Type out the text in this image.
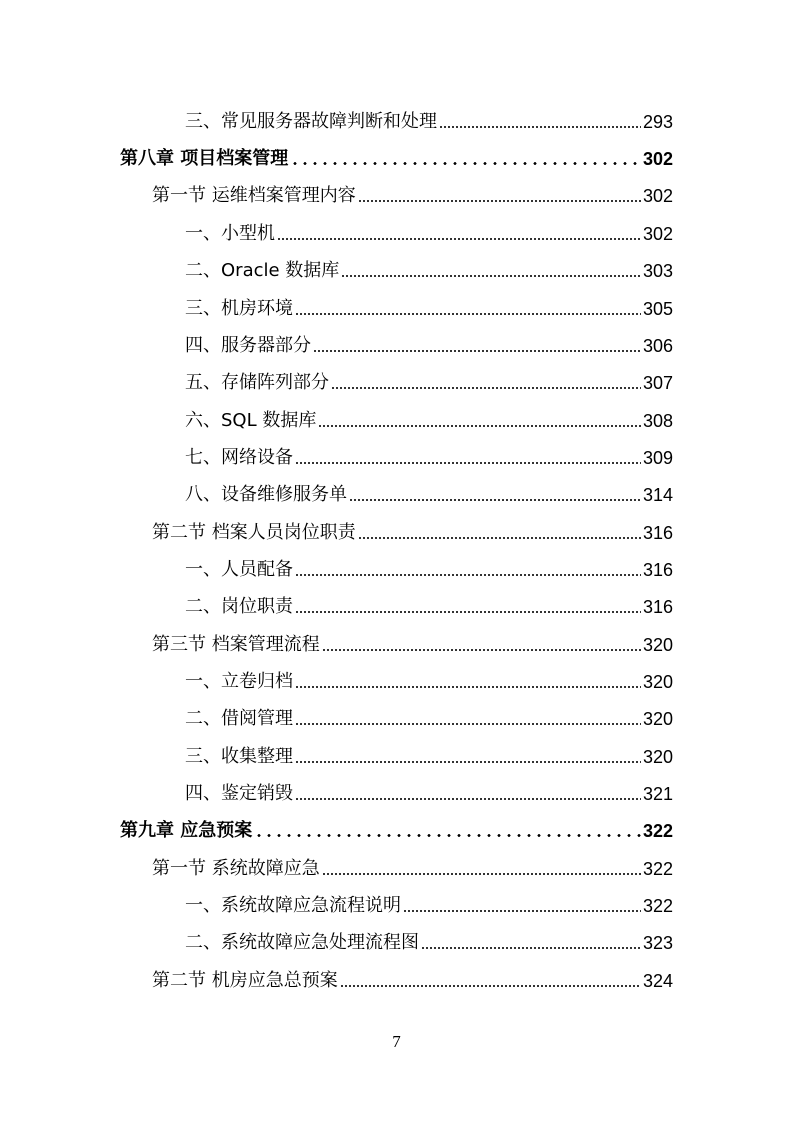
三、常见服务器故障判断和处理	293
第八章 项目档案管理	302
第一节 运维档案管理内容	302
一、小型机	302
二、Oracle 数据库	303
三、机房环境	305
四、服务器部分	306
五、存储阵列部分	307
六、SQL 数据库	308
七、网络设备	309
八、设备维修服务单	314
第二节 档案人员岗位职责	316
一、人员配备	316
二、岗位职责	316
第三节 档案管理流程	320
一、立卷归档	320
二、借阅管理	320
三、收集整理	320
四、鉴定销毁	321
第九章 应急预案	322
第一节 系统故障应急	322
一、系统故障应急流程说明	322
二、系统故障应急处理流程图	323
第二节 机房应急总预案	324
7
